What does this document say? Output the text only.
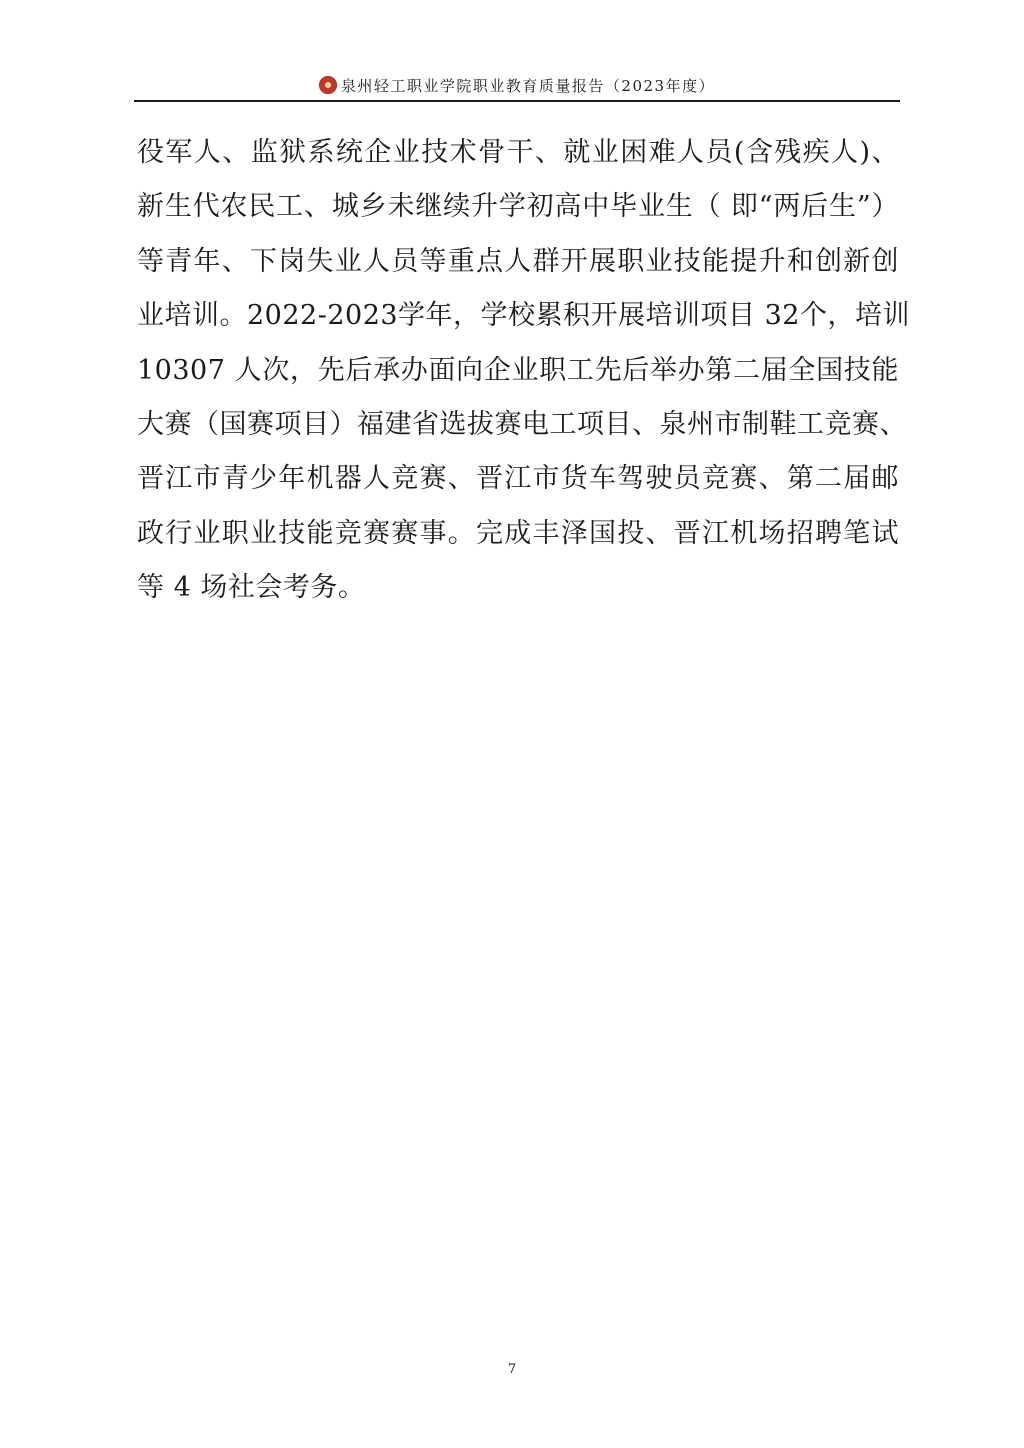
泉州轻工职业学院职业教育质量报告（2023年度）
役军人、监狱系统企业技术骨干、就业困难人员(含残疾人)、
新生代农民工、城乡未继续升学初高中毕业生（ 即“两后生”）
等青年、下岗失业人员等重点人群开展职业技能提升和创新创
业培训。2022-2023学年，学校累积开展培训项目 32个，培训
10307 人次，先后承办面向企业职工先后举办第二届全国技能
大赛（国赛项目）福建省选拔赛电工项目、泉州市制鞋工竞赛、
晋江市青少年机器人竞赛、晋江市货车驾驶员竞赛、第二届邮
政行业职业技能竞赛赛事。完成丰泽国投、晋江机场招聘笔试
等 4 场社会考务。
7
